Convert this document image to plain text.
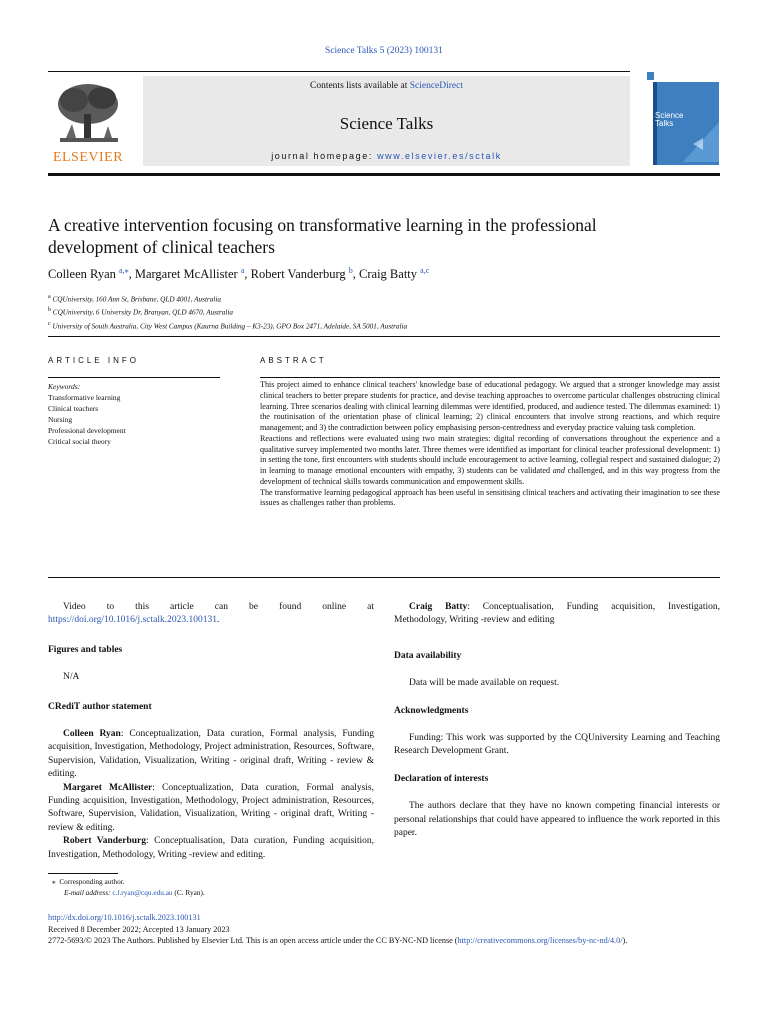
Science Talks 5 (2023) 100131
ELSEVIER
Contents lists available at ScienceDirect
Science Talks
journal homepage: www.elsevier.es/sctalk
Science Talks
A creative intervention focusing on transformative learning in the professional development of clinical teachers
Colleen Ryan $^{a,⁎}$, Margaret McAllister $^a$, Robert Vanderburg $^b$, Craig Batty $^{a,c}$
$^a$ CQUniversity, 160 Ann St, Brisbane, QLD 4001, Australia
$^b$ CQUniversity, 6 University Dr, Branyan, QLD 4670, Australia
$^c$ University of South Australia, City West Campus (Kaurna Building – K3-23), GPO Box 2471, Adelaide, SA 5001, Australia
ARTICLE INFO	ABSTRACT
Keywords:
Transformative learning
Clinical teachers
Nursing
Professional development
Critical social theory

This project aimed to enhance clinical teachers' knowledge base of educational pedagogy. We argued that a stronger knowledge may assist clinical teachers to better prepare students for practice, and devise teaching approaches to overcome particular challenges obstructing clinical learning. Three scenarios dealing with clinical learning dilemmas were identified, produced, and audience tested. The dilemmas examined: 1) the routinisation of the orientation phase of clinical learning; 2) clinical encounters that involve strong reactions, and which require management; and 3) the contradiction between policy emphasising person-centredness and everyday practice valuing task completion.

Reactions and reflections were evaluated using two main strategies: digital recording of conversations throughout the experience and a qualitative survey implemented two months later. Three themes were identified as important for clinical teacher professional development: 1) in setting the tone, first encounters with students should include encouragement to active learning, collegial respect and sustained dialogue; 2) in learning to manage emotional encounters with empathy, 3) students can be validated and challenged, and in this way progress from the development of technical skills towards communication and empowerment skills.

The transformative learning pedagogical approach has been useful in sensitising clinical teachers and activating their imagination to see these issues as challenges rather than problems.

Video to this article can be found online at https://doi.org/10.1016/j.sctalk.2023.100131.

Figures and tables

N/A

CRediT author statement

Colleen Ryan: Conceptualization, Data curation, Formal analysis, Funding acquisition, Investigation, Methodology, Project administration, Resources, Software, Supervision, Validation, Visualization, Writing - original draft, Writing - review & editing.

Margaret McAllister: Conceptualization, Data curation, Formal analysis, Funding acquisition, Investigation, Methodology, Project administration, Resources, Software, Supervision, Validation, Visualization, Writing - original draft, Writing - review & editing.

Robert Vanderburg: Conceptualisation, Data curation, Funding acquisition, Investigation, Methodology, Writing -review and editing.

Craig Batty: Conceptualisation, Funding acquisition, Investigation, Methodology, Writing -review and editing

Data availability

Data will be made available on request.

Acknowledgments

Funding: This work was supported by the CQUniversity Learning and Teaching Research Development Grant.

Declaration of interests

The authors declare that they have no known competing financial interests or personal relationships that could have appeared to influence the work reported in this paper.

⁎ Corresponding author.
E-mail address: c.l.ryan@cqu.edu.au (C. Ryan).
http://dx.doi.org/10.1016/j.sctalk.2023.100131
Received 8 December 2022; Accepted 13 January 2023
2772-5693/© 2023 The Authors. Published by Elsevier Ltd. This is an open access article under the CC BY-NC-ND license (http://creativecommons.org/licenses/by-nc-nd/4.0/).
